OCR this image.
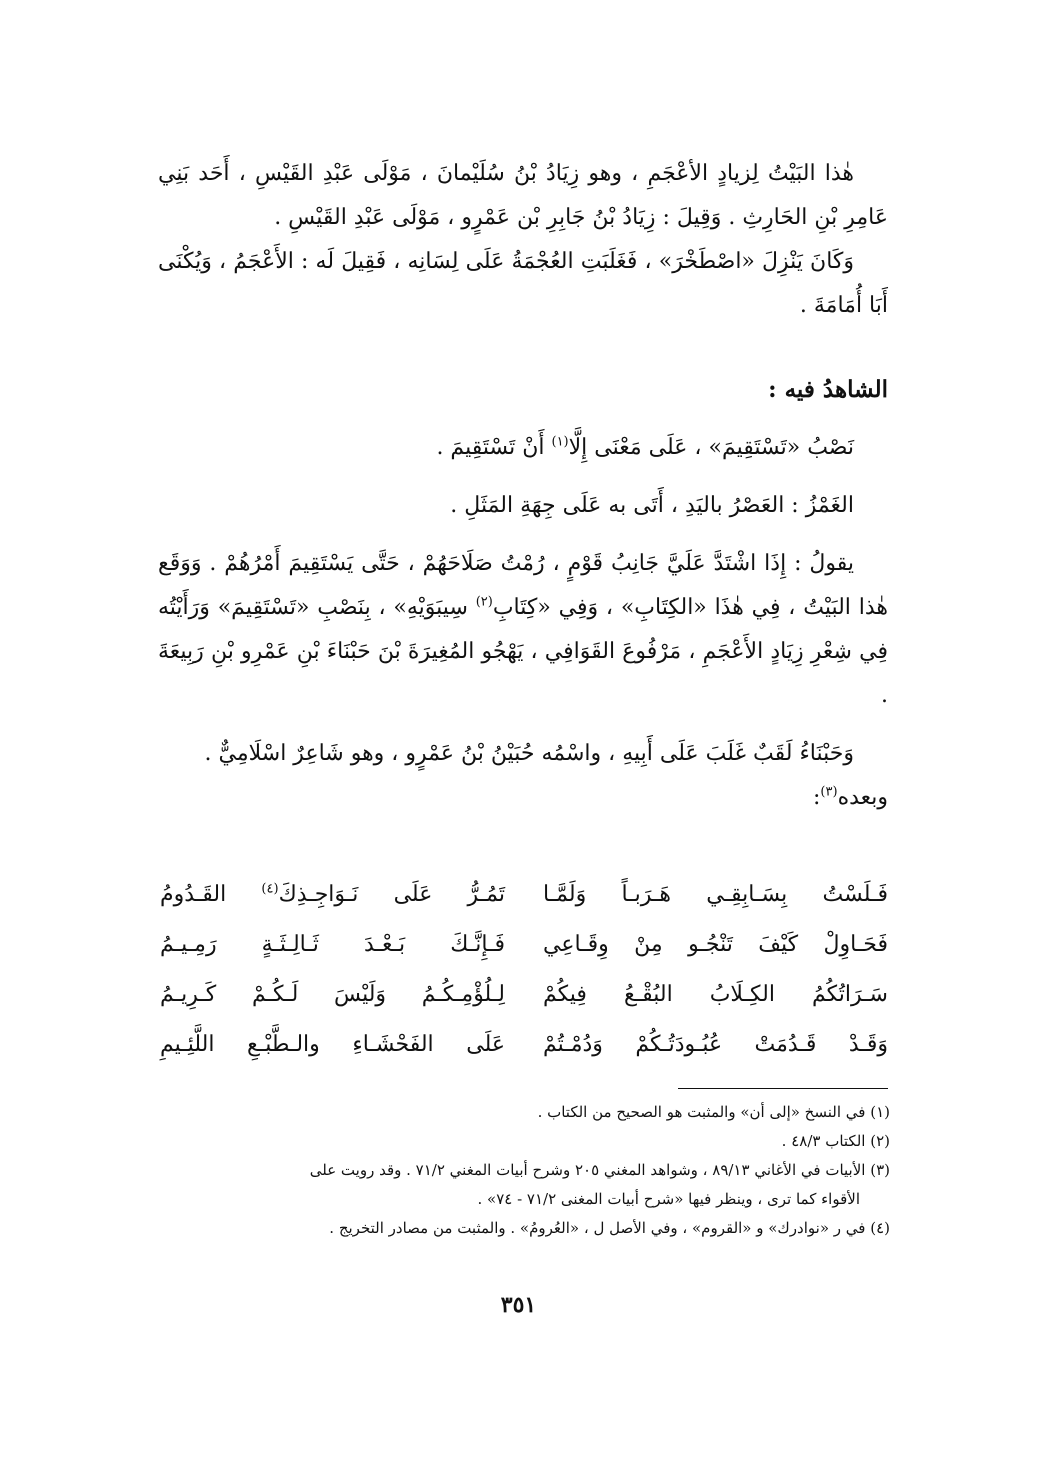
هٰذا البَيْتُ لِزيادٍ الأعْجَمِ ، وهو زِيَادُ بْنُ سُلَيْمانَ ، مَوْلَى عَبْدِ القَيْسِ ، أَحَد بَنِي عَامِرِ بْنِ الحَارِثِ . وَقِيلَ : زِيَادُ بْنُ جَابِرِ بْن عَمْرٍو ، مَوْلَى عَبْدِ القَيْسِ .

وَكَانَ يَنْزِلَ «اصْطَخْرَ» ، فَغَلَبَتِ العُجْمَةُ عَلَى لِسَانِه ، فَقِيلَ لَه : الأَعْجَمُ ، وَيُكْنَى أَبَا أُمَامَةَ .

الشاهدُ فيه :

نَصْبُ «تَسْتَقِيمَ» ، عَلَى مَعْنَى إِلَّا$^{(١)}$ أَنْ تَسْتَقِيمَ .

الغَمْزُ : العَصْرُ باليَدِ ، أَتَى به عَلَى جِهَةِ المَثَلِ .

يقولُ : إِذَا اشْتَدَّ عَلَيَّ جَانِبُ قَوْمٍ ، رُمْتُ صَلَاحَهُمْ ، حَتَّى يَسْتَقِيمَ أَمْرُهُمْ . وَوَقَع هٰذا البَيْتُ ، فِي هٰذَا «الكِتَابِ» ، وَفِي «كِتَابِ$^{(٢)}$ سِيبَوَيْهِ» ، بِنَصْبِ «تَسْتَقِيمَ» وَرَأَيْتُه فِي شِعْرِ زِيَادٍ الأَعْجَمِ ، مَرْفُوعَ القَوَافِي ، يَهْجُو المُغِيرَةَ بْنَ حَبْنَاءَ بْنِ عَمْرِو بْنِ رَبِيعَةَ .

وَحَبْنَاءُ لَقَبٌ غَلَبَ عَلَى أَبِيهِ ، واسْمُه حُبَيْنُ بْنُ عَمْرٍو ، وهو شَاعِرٌ اسْلَامِيٌّ .

وبعده$^{(٣)}$:

فَـلَسْتُ بِسَـابِقِـي هَـرَبـاً وَلَمَّـا
تَمُـرُّ عَلَى نَـوَاجِـذِكَ$^{(٤)}$ القَـدُومُ
فَحَـاوِلْ كَيْفَ تَنْجُـو مِنْ وِقَـاعِي
فَـإِنَّـكَ بَـعْـدَ ثَـالِـثَـةٍ رَمِـيـمُ
سَـرَاتُكُمُ الكِـلَابُ البُقْـعُ فِيكُمْ
لِـلُؤْمِـكُـمُ وَلَيْسَ لَـكُـمْ كَـرِيـمُ
وَقَـدْ قَـدُمَتْ عُبُـودَتُـكُمْ وَدُمْـتُمْ
عَلَى الفَحْشَـاءِ والـطَّبْـعِ اللَّئِـيمِ
(١) في النسخ «إلى أن» والمثبت هو الصحيح من الكتاب .
(٢) الكتاب ٤٨/٣ .
(٣) الأبيات في الأغاني ٨٩/١٣ ، وشواهد المغني ٢٠٥ وشرح أبيات المغني ٧١/٢ . وقد رويت على
الأقواء كما ترى ، وينظر فيها «شرح أبيات المغنى ٧١/٢ - ٧٤» .
(٤) في ر «نوادرك» و «القروم» ، وفي الأصل ل ، «العُرومُ» . والمثبت من مصادر التخريج .
٣٥١
